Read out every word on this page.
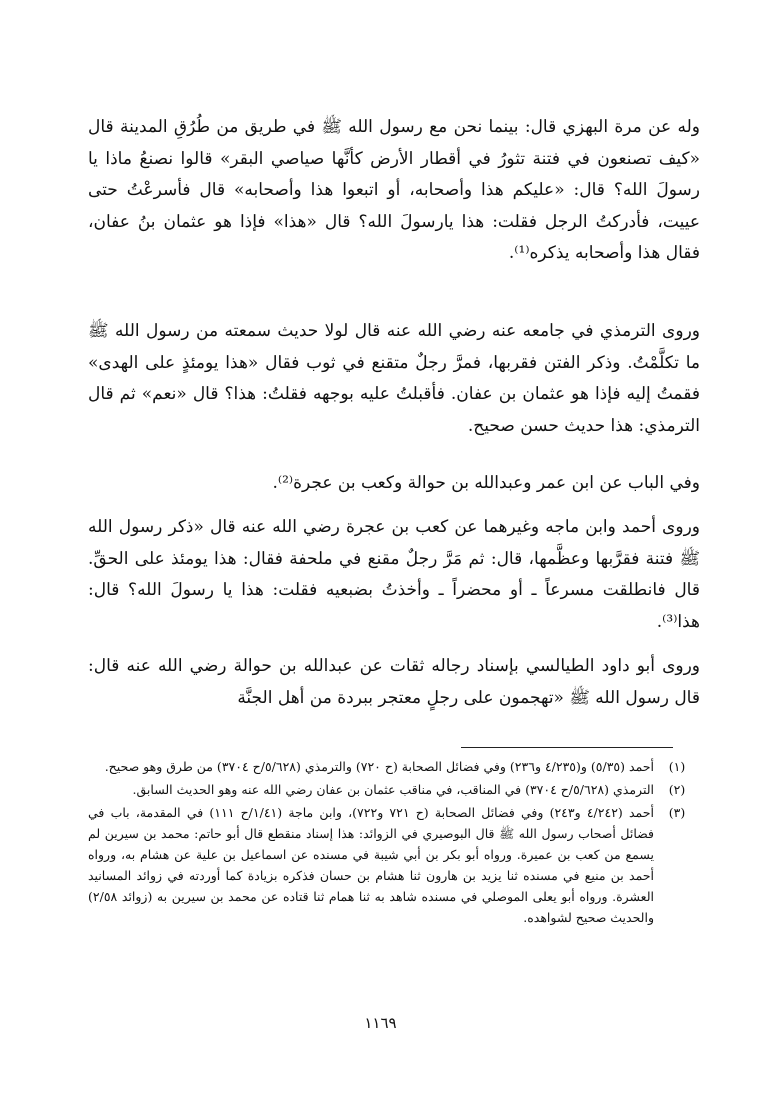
وله عن مرة البهزي قال: بينما نحن مع رسول الله ﷺ في طريق من طُرُقِ المدينة قال «كيف تصنعون في فتنة تثورُ في أقطار الأرض كأنَّها صياصي البقر» قالوا نصنعُ ماذا يا رسولَ الله؟ قال: «عليكم هذا وأصحابه، أو اتبعوا هذا وأصحابه» قال فأسرعْتُ حتى عييت، فأدركتُ الرجل فقلت: هذا يارسولَ الله؟ قال «هذا» فإذا هو عثمان بنُ عفان، فقال هذا وأصحابه يذكره⁽¹⁾.

وروى الترمذي في جامعه عنه رضي الله عنه قال لولا حديث سمعته من رسول الله ﷺ ما تكلَّمْتُ. وذكر الفتن فقربها، فمرَّ رجلٌ متقنع في ثوب فقال «هذا يومئذٍ على الهدى» فقمتُ إليه فإذا هو عثمان بن عفان. فأقبلتُ عليه بوجهه فقلتُ: هذا؟ قال «نعم» ثم قال الترمذي: هذا حديث حسن صحيح.

وفي الباب عن ابن عمر وعبدالله بن حوالة وكعب بن عجرة⁽²⁾.

وروى أحمد وابن ماجه وغيرهما عن كعب بن عجرة رضي الله عنه قال «ذكر رسول الله ﷺ فتنة فقرَّبها وعظَّمها، قال: ثم مَرَّ رجلٌ مقنع في ملحفة فقال: هذا يومئذ على الحقِّ. قال فانطلقت مسرعاً ـ أو محضراً ـ وأخذتُ بضبعيه فقلت: هذا يا رسولَ الله؟ قال: هذا⁽³⁾.

وروى أبو داود الطيالسي بإسناد رجاله ثقات عن عبدالله بن حوالة رضي الله عنه قال: قال رسول الله ﷺ «تهجمون على رجلٍ معتجر ببردة من أهل الجنَّة

(١)
أحمد (٥/٣٥) و(٤/٢٣٥ و٢٣٦) وفي فضائل الصحابة (ح ٧٢٠) والترمذي (٥/٦٢٨/ح ٣٧٠٤) من طرق وهو صحيح.
(٢)
الترمذي (٥/٦٢٨/ح ٣٧٠٤) في المناقب، في مناقب عثمان بن عفان رضي الله عنه وهو الحديث السابق.
(٣)
أحمد (٤/٢٤٢ و٢٤٣) وفي فضائل الصحابة (ح ٧٢١ و٧٢٢)، وابن ماجة (١/٤١/ح ١١١) في المقدمة، باب في فضائل أصحاب رسول الله ﷺ قال البوصيري في الزوائد: هذا إسناد منقطع قال أبو حاتم: محمد بن سيرين لم يسمع من كعب بن عميرة. ورواه أبو بكر بن أبي شيبة في مسنده عن اسماعيل بن علية عن هشام به، ورواه أحمد بن منيع في مسنده ثنا يزيد بن هارون ثنا هشام بن حسان فذكره بزيادة كما أوردته في زوائد المسانيد العشرة. ورواه أبو يعلى الموصلي في مسنده شاهد به ثنا همام ثنا قتاده عن محمد بن سيرين به (زوائد ٢/٥٨) والحديث صحيح لشواهده.
١١٦٩
